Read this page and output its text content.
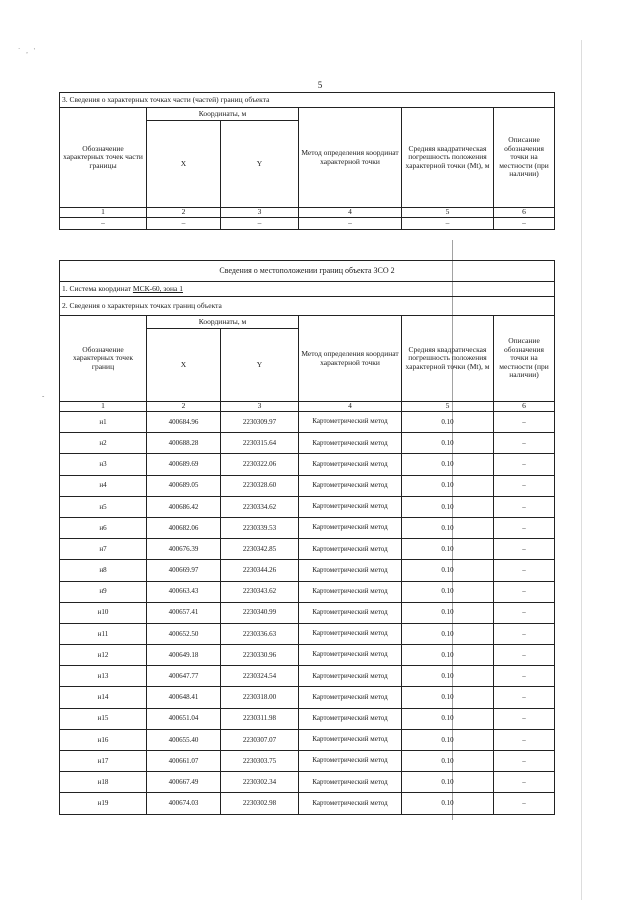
` , '
-
5
3. Сведения о характерных точках части (частей) границ объекта					
Обозначение характерных точек части границы	Координаты, м		Метод определения координат характерной точки	Средняя квадратическая погрешность положения характерной точки (Mt), м	Описание обозначения точки на местности (при наличии)
	X	Y			
1	2	3	4	5	6
–	–	–	–	–	–
Сведения о местоположении границ объекта ЗСО 2					
1. Система координат МСК-60, зона 1					
2. Сведения о характерных точках границ объекта					
Обозначение характерных точек границ	Координаты, м		Метод определения координат характерной точки	Средняя квадратическая погрешность положения характерной точки (Mt), м	Описание обозначения точки на местности (при наличии)
	X	Y			
1	2	3	4	5	6
н1	400684.96	2230309.97	Картометрический метод	0.10	–
н2	400688.28	2230315.64	Картометрический метод	0.10	–
н3	400689.69	2230322.06	Картометрический метод	0.10	–
н4	400689.05	2230328.60	Картометрический метод	0.10	–
н5	400686.42	2230334.62	Картометрический метод	0.10	–
н6	400682.06	2230339.53	Картометрический метод	0.10	–
н7	400676.39	2230342.85	Картометрический метод	0.10	–
н8	400669.97	2230344.26	Картометрический метод	0.10	–
н9	400663.43	2230343.62	Картометрический метод	0.10	–
н10	400657.41	2230340.99	Картометрический метод	0.10	–
н11	400652.50	2230336.63	Картометрический метод	0.10	–
н12	400649.18	2230330.96	Картометрический метод	0.10	–
н13	400647.77	2230324.54	Картометрический метод	0.10	–
н14	400648.41	2230318.00	Картометрический метод	0.10	–
н15	400651.04	2230311.98	Картометрический метод	0.10	–
н16	400655.40	2230307.07	Картометрический метод	0.10	–
н17	400661.07	2230303.75	Картометрический метод	0.10	–
н18	400667.49	2230302.34	Картометрический метод	0.10	–
н19	400674.03	2230302.98	Картометрический метод	0.10	–
